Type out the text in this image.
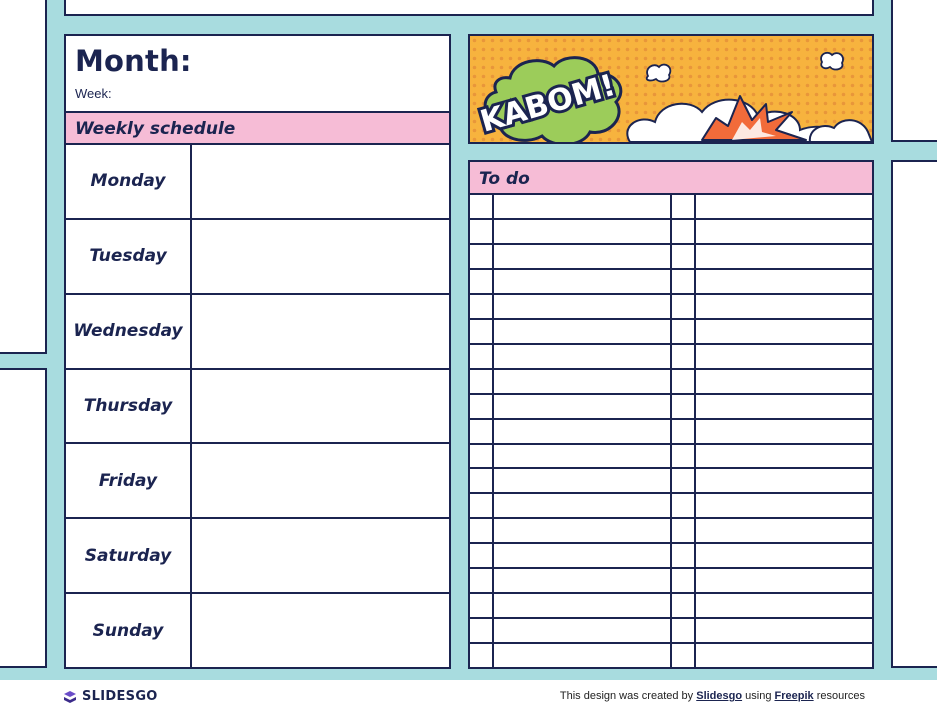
Month:
Week:
Weekly schedule
Monday
Tuesday
Wednesday
Thursday
Friday
Saturday
Sunday
KABOM!
To do
SLIDESGO	This design was created by Slidesgo using Freepik resources
